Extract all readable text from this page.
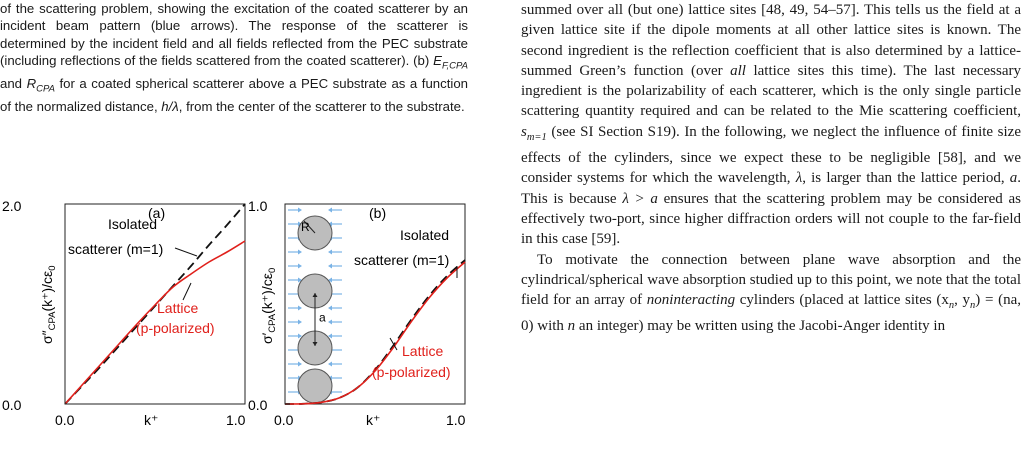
of the scattering problem, showing the excitation of the coated scatterer by an incident beam pattern (blue arrows). The response of the scatterer is determined by the incident field and all fields reflected from the PEC substrate (including reflections of the fields scattered from the coated scatterer). (b) $E_{F,CPA}$ and $R_{CPA}$ for a coated spherical scatterer above a PEC substrate as a function of the normalized distance, h/λ, from the center of the scatterer to the substrate.

0.0
2.0
0.0	1.0
k⁺
$\sigma''_{CPA}(k^+)/c\varepsilon_0$
(a)
Isolated
scatterer (m=1)
Lattice
(p-polarized)
R
a
1.0
0.0
0.0	1.0
k⁺
$\sigma'_{CPA}(k^+)/c\varepsilon_0$
(b)
Isolated
scatterer (m=1)
Lattice
(p-polarized)

summed over all (but one) lattice sites [48, 49, 54–57]. This tells us the field at a given lattice site if the dipole moments at all other lattice sites is known. The second ingredient is the reflection coefficient that is also determined by a lattice-summed Green’s function (over all lattice sites this time). The last necessary ingredient is the polarizability of each scatterer, which is the only single particle scattering quantity required and can be related to the Mie scattering coefficient, $s_{m=1}$ (see SI Section S19). In the following, we neglect the influence of finite size effects of the cylinders, since we expect these to be negligible [58], and we consider systems for which the wavelength, λ, is larger than the lattice period, a. This is because λ > a ensures that the scattering problem may be considered as effectively two-port, since higher diffraction orders will not couple to the far-field in this case [59].

To motivate the connection between plane wave absorption and the cylindrical/spherical wave absorption studied up to this point, we note that the total field for an array of noninteracting cylinders (placed at lattice sites ($x_n$, $y_n) = (na$, 0) with n an integer) may be written using the Jacobi-Anger identity in
